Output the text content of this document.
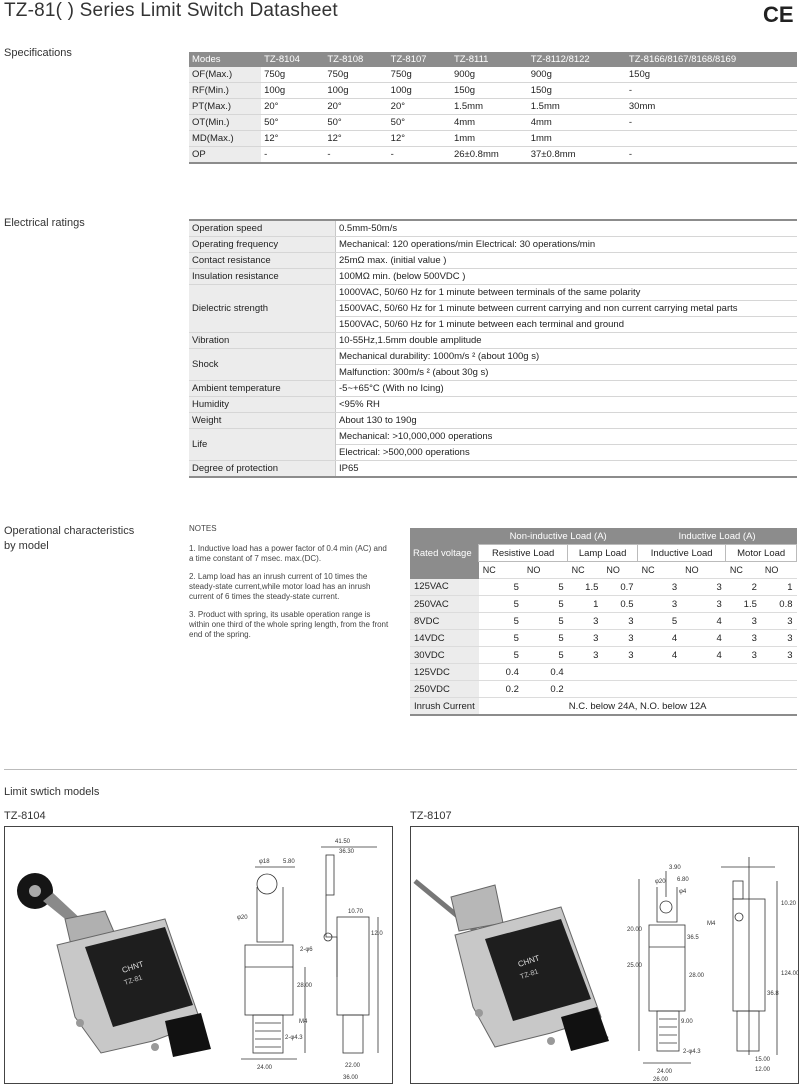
TZ-81( ) Series Limit Switch Datasheet	CE
Specifications
Modes	TZ-8104	TZ-8108	TZ-8107	TZ-8111	TZ-8112/8122	TZ-8166/8167/8168/8169
OF(Max.)	750g	750g	750g	900g	900g	150g
RF(Min.)	100g	100g	100g	150g	150g	-
PT(Max.)	20°	20°	20°	1.5mm	1.5mm	30mm
OT(Min.)	50°	50°	50°	4mm	4mm	-
MD(Max.)	12°	12°	12°	1mm	1mm	
OP	-	-	-	26±0.8mm	37±0.8mm	-
Electrical ratings	Operation speed	0.5mm-50m/s
Operating frequency	Mechanical: 120 operations/min Electrical: 30 operations/min
Contact resistance	25mΩ max. (initial value )
Insulation resistance	100MΩ min. (below 500VDC )
Dielectric strength	1000VAC, 50/60 Hz for 1 minute between terminals of the same polarity
	1500VAC, 50/60 Hz for 1 minute between current carrying and non current carrying metal parts
	1500VAC, 50/60 Hz for 1 minute between each terminal and ground
Vibration	10-55Hz,1.5mm double amplitude
Shock	Mechanical durability: 1000m/s ² (about 100g s)
	Malfunction: 300m/s ² (about 30g s)
Ambient temperature	-5~+65°C (With no Icing)
Humidity	<95% RH
Weight	About 130 to 190g
Life	Mechanical: >10,000,000 operations
	Electrical: >500,000 operations
Degree of protection	IP65
Operational characteristics
by model

NOTES

1. Inductive load has a power factor of 0.4 min (AC) and a time constant of 7 msec. max.(DC).

2. Lamp load has an inrush current of 10 times the steady-state current,while motor load has an inrush current of 6 times the steady-state current.

3. Product with spring, its usable operation range is within one third of the whole spring length, from the front end of the spring.

Rated voltage	Non-inductive Load (A)				Inductive Load (A)			
	Resistive Load		Lamp Load		Inductive Load		Motor Load	
	NC	NO	NC	NO	NC	NO	NC	NO
125VAC	5	5	1.5	0.7	3	3	2	1
250VAC	5	5	1	0.5	3	3	1.5	0.8
8VDC	5	5	3	3	5	4	3	3
14VDC	5	5	3	3	4	4	3	3
30VDC	5	5	3	3	4	4	3	3
125VDC	0.4	0.4						
250VDC	0.2	0.2						
Inrush Current	N.C. below 24A, N.O. below 12A							
Limit swtich models
TZ-8104	TZ-8107
CHNT
TZ-81
φ18 5.80
41.50
36.30
10.70
12.0
28.00
2-φ6
φ20
M4
2-φ4.3
24.00	22.00
36.00
CHNT
TZ-81
3.90
6.80
φ4
φ20
20.00
36.5
10.20
25.00
M4
28.00
36.8
9.00
2-φ4.3
24.00
26.00
15.00
12.00
124.00
